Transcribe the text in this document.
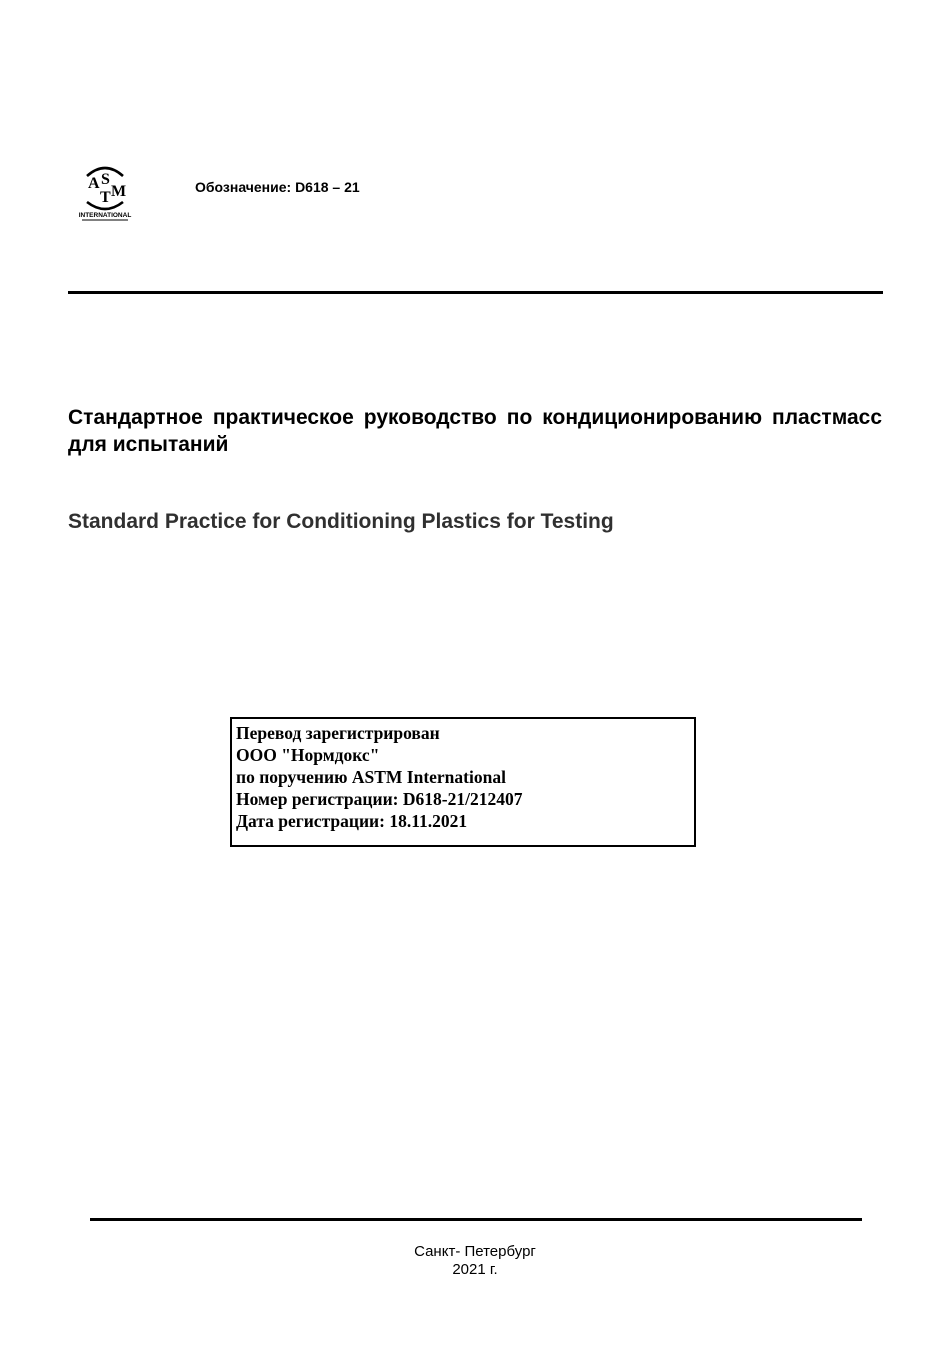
A S
T M
INTERNATIONAL
Обозначение: D618 – 21
Стандартное практическое руководство по кондиционированию пластмасс для испытаний
Standard Practice for Conditioning Plastics for Testing
Перевод зарегистрирован
ООО "Нормдокс"
по поручению ASTM International
Номер регистрации: D618-21/212407
Дата регистрации: 18.11.2021
Санкт- Петербург
2021 г.
